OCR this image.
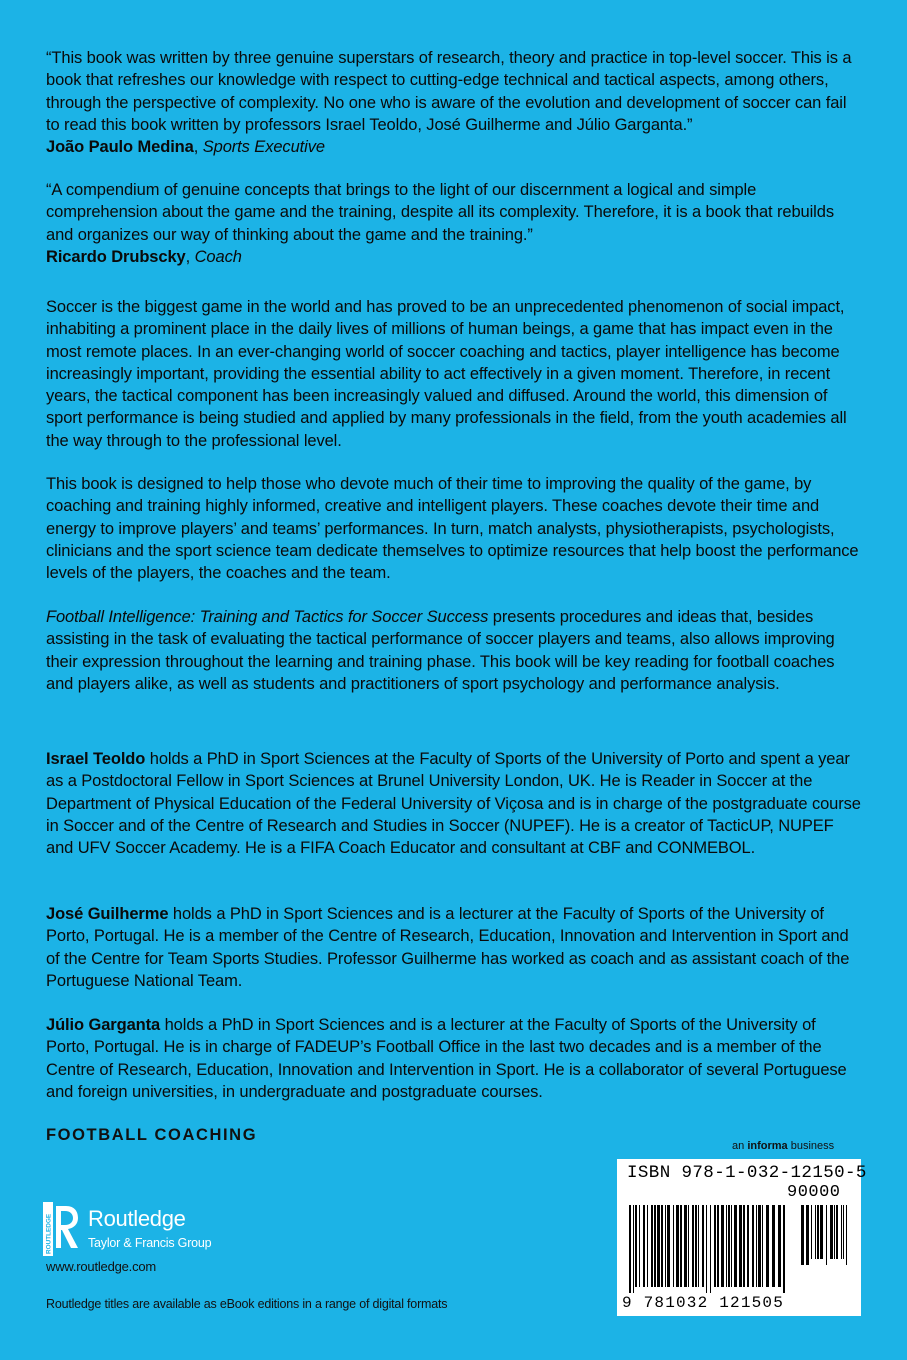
“This book was written by three genuine superstars of research, theory and practice in top-level soccer. This is a book that refreshes our knowledge with respect to cutting-edge technical and tactical aspects, among others, through the perspective of complexity. No one who is aware of the evolution and development of soccer can fail to read this book written by professors Israel Teoldo, José Guilherme and Júlio Garganta.”

João Paulo Medina, Sports Executive

“A compendium of genuine concepts that brings to the light of our discernment a logical and simple comprehension about the game and the training, despite all its complexity. Therefore, it is a book that rebuilds and organizes our way of thinking about the game and the training.”

Ricardo Drubscky, Coach

Soccer is the biggest game in the world and has proved to be an unprecedented phenomenon of social impact, inhabiting a prominent place in the daily lives of millions of human beings, a game that has impact even in the most remote places. In an ever-changing world of soccer coaching and tactics, player intelligence has become increasingly important, providing the essential ability to act effectively in a given moment. Therefore, in recent years, the tactical component has been increasingly valued and diffused. Around the world, this dimension of sport performance is being studied and applied by many professionals in the field, from the youth academies all the way through to the professional level.

This book is designed to help those who devote much of their time to improving the quality of the game, by coaching and training highly informed, creative and intelligent players. These coaches devote their time and energy to improve players’ and teams’ performances. In turn, match analysts, physiotherapists, psychologists, clinicians and the sport science team dedicate themselves to optimize resources that help boost the performance levels of the players, the coaches and the team.

Football Intelligence: Training and Tactics for Soccer Success presents procedures and ideas that, besides assisting in the task of evaluating the tactical performance of soccer players and teams, also allows improving their expression throughout the learning and training phase. This book will be key reading for football coaches and players alike, as well as students and practitioners of sport psychology and performance analysis.

Israel Teoldo holds a PhD in Sport Sciences at the Faculty of Sports of the University of Porto and spent a year as a Postdoctoral Fellow in Sport Sciences at Brunel University London, UK. He is Reader in Soccer at the Department of Physical Education of the Federal University of Viçosa and is in charge of the postgraduate course in Soccer and of the Centre of Research and Studies in Soccer (NUPEF). He is a creator of TacticUP, NUPEF and UFV Soccer Academy. He is a FIFA Coach Educator and consultant at CBF and CONMEBOL.

José Guilherme holds a PhD in Sport Sciences and is a lecturer at the Faculty of Sports of the University of Porto, Portugal. He is a member of the Centre of Research, Education, Innovation and Intervention in Sport and of the Centre for Team Sports Studies. Professor Guilherme has worked as coach and as assistant coach of the Portuguese National Team.

Júlio Garganta holds a PhD in Sport Sciences and is a lecturer at the Faculty of Sports of the University of Porto, Portugal. He is in charge of FADEUP’s Football Office in the last two decades and is a member of the Centre of Research, Education, Innovation and Intervention in Sport. He is a collaborator of several Portuguese and foreign universities, in undergraduate and postgraduate courses.

FOOTBALL COACHING
ROUTLEDGE Routledge
Taylor & Francis Group
www.routledge.com
Routledge titles are available as eBook editions in a range of digital formats
an informa business
ISBN 978-1-032-12150-5
90000
9 781032 121505
